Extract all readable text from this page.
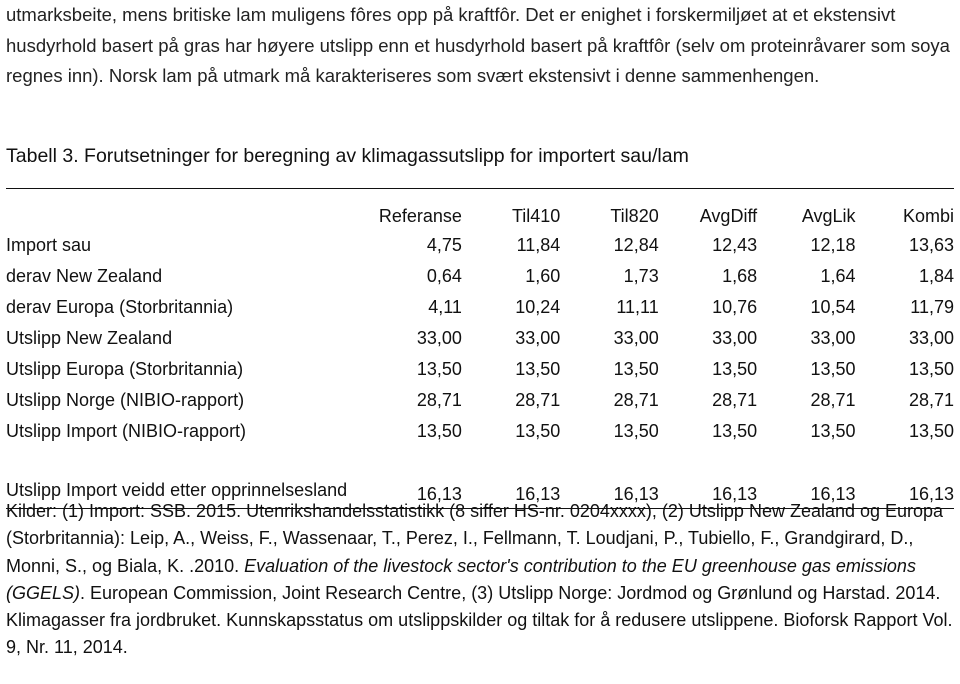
utmarksbeite, mens britiske lam muligens fôres opp på kraftfôr. Det er enighet i forskermiljøet at et ekstensivt husdyrhold basert på gras har høyere utslipp enn et husdyrhold basert på kraftfôr (selv om proteinråvarer som soya regnes inn). Norsk lam på utmark må karakteriseres som svært ekstensivt i denne sammenhengen.
Tabell 3. Forutsetninger for beregning av klimagassutslipp for importert sau/lam

	Referanse	Til410	Til820	AvgDiff	AvgLik	Kombi
Import sau	4,75	11,84	12,84	12,43	12,18	13,63
derav New Zealand	0,64	1,60	1,73	1,68	1,64	1,84
derav Europa (Storbritannia)	4,11	10,24	11,11	10,76	10,54	11,79
Utslipp New Zealand	33,00	33,00	33,00	33,00	33,00	33,00
Utslipp Europa (Storbritannia)	13,50	13,50	13,50	13,50	13,50	13,50
Utslipp Norge (NIBIO-rapport)	28,71	28,71	28,71	28,71	28,71	28,71
Utslipp Import (NIBIO-rapport)	13,50	13,50	13,50	13,50	13,50	13,50
Utslipp Import veidd etter opprinnelsesland	16,13	16,13	16,13	16,13	16,13	16,13
Kilder: (1) Import: SSB. 2015. Utenrikshandelsstatistikk (8 siffer HS-nr. 0204xxxx), (2) Utslipp New Zealand og Europa (Storbritannia): Leip, A., Weiss, F., Wassenaar, T., Perez, I., Fellmann, T. Loudjani, P., Tubiello, F., Grandgirard, D., Monni, S., og Biala, K. .2010. Evaluation of the livestock sector's contribution to the EU greenhouse gas emissions (GGELS). European Commission, Joint Research Centre, (3) Utslipp Norge: Jordmod og Grønlund og Harstad. 2014. Klimagasser fra jordbruket. Kunnskapsstatus om utslippskilder og tiltak for å redusere utslippene. Bioforsk Rapport Vol. 9, Nr. 11, 2014.
